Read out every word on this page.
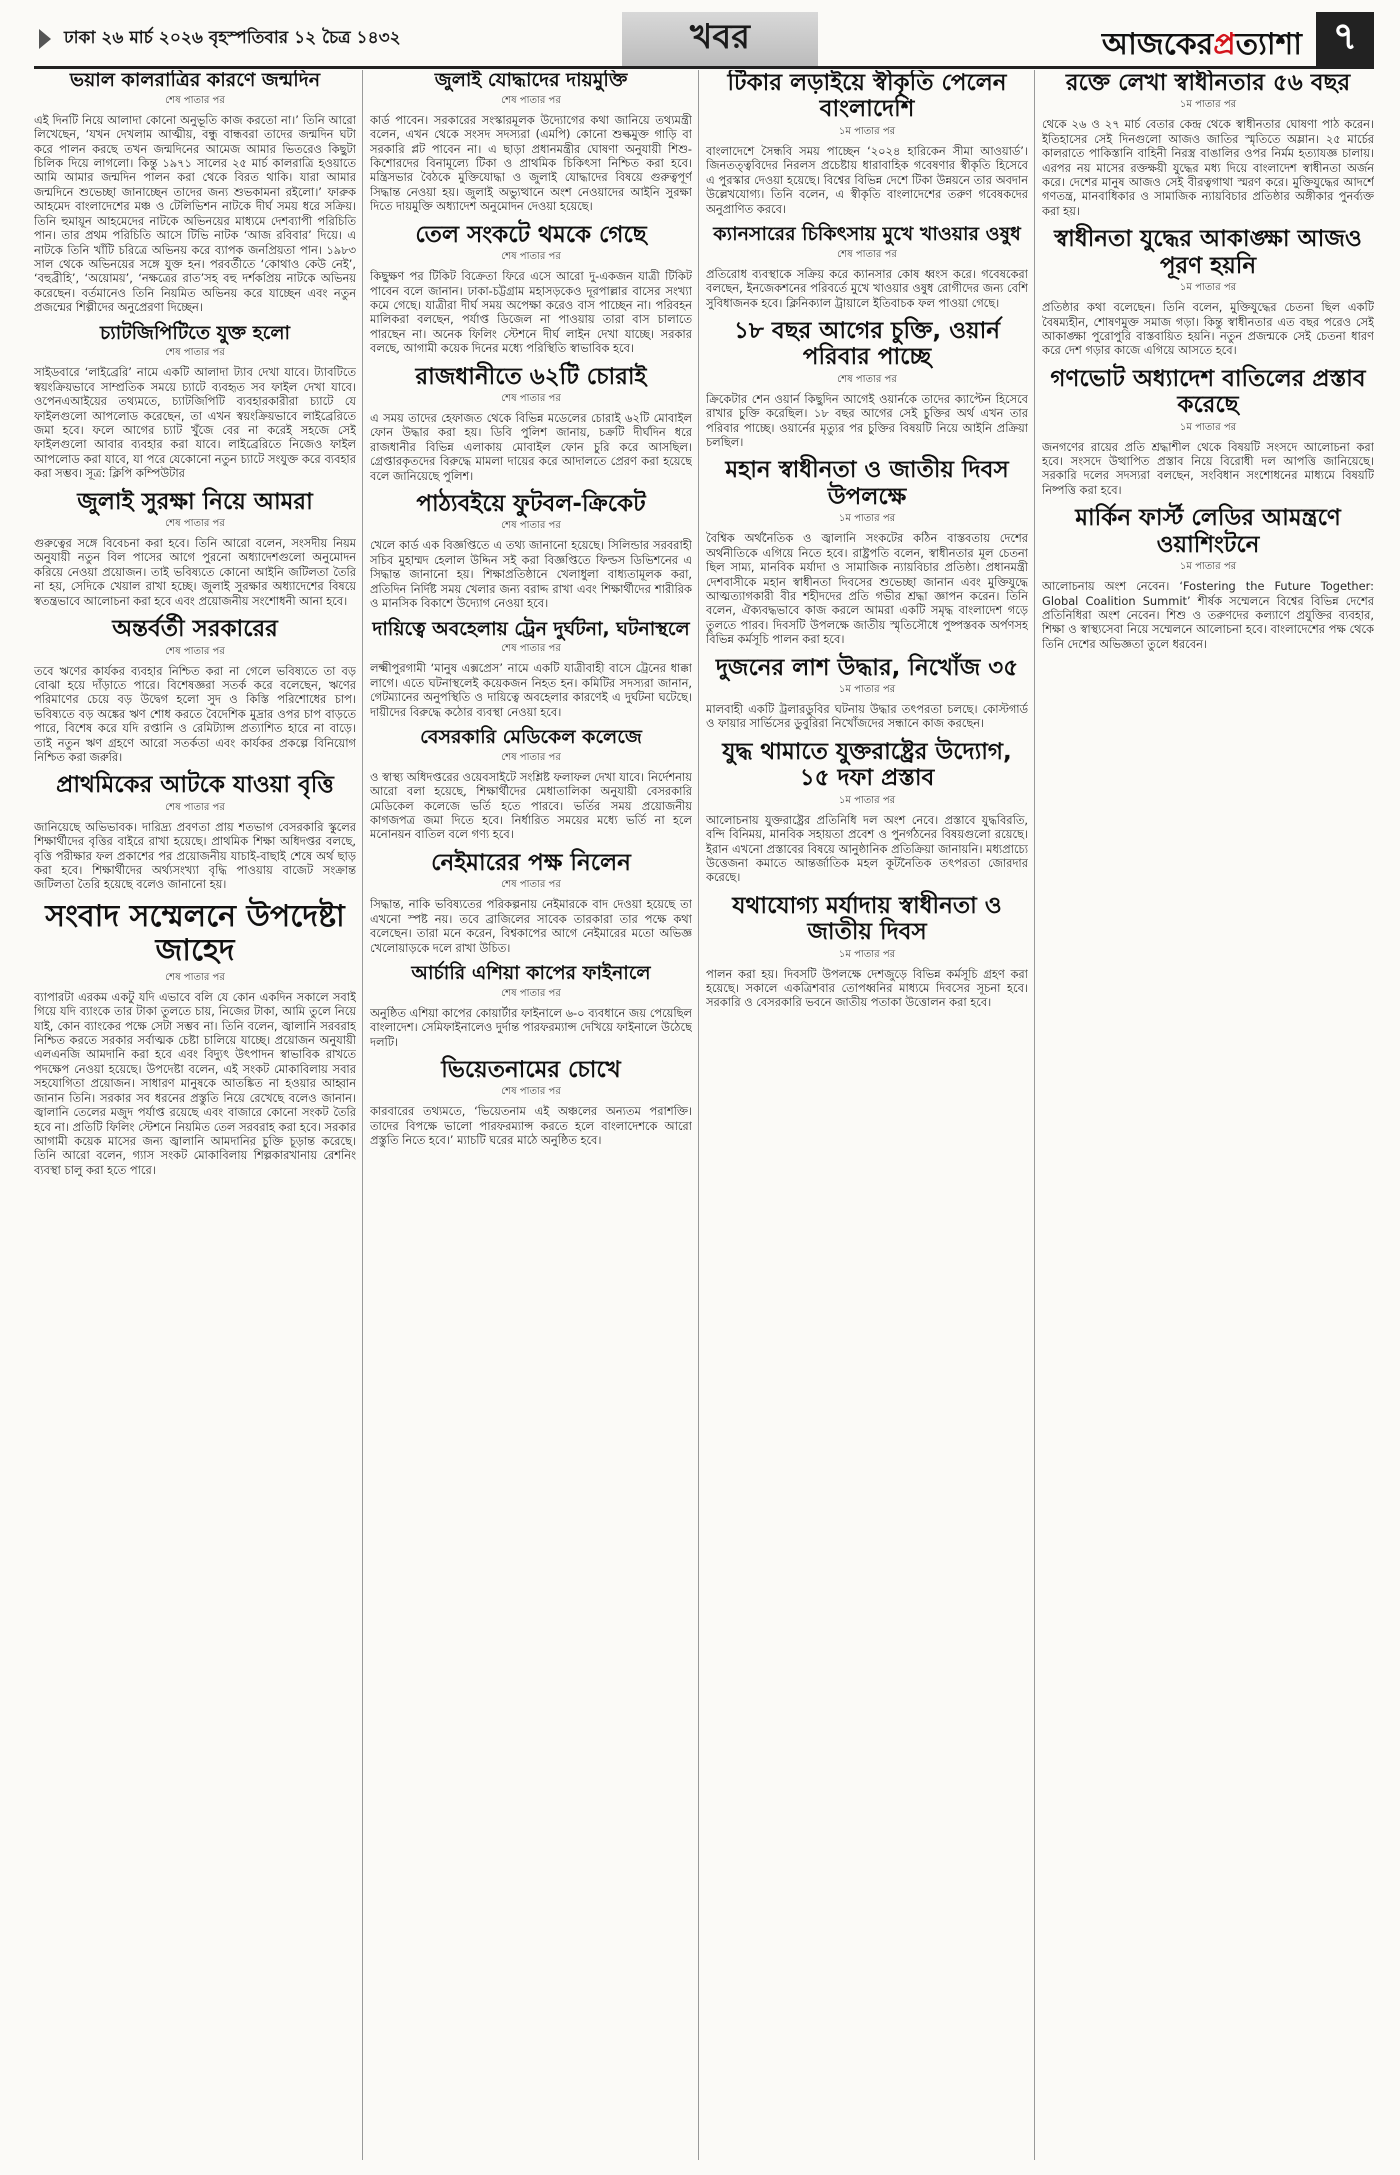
ঢাকা ২৬ মার্চ ২০২৬ বৃহস্পতিবার ১২ চৈত্র ১৪৩২	খবর	আজকেরপ্রত্যাশা ৭
ভয়াল কালরাত্রির কারণে জন্মদিন
শেষ পাতার পর
এই দিনটি নিয়ে আলাদা কোনো অনুভূতি কাজ করতো না।’ তিনি আরো লিখেছেন, ‘যখন দেখলাম আত্মীয়, বন্ধু বান্ধবরা তাদের জন্মদিন ঘটা করে পালন করছে তখন জন্মদিনের আমেজ আমার ভিতরেও কিছুটা চিলিক দিয়ে লাগলো। কিন্তু ১৯৭১ সালের ২৫ মার্চ কালরাত্রি হওয়াতে আমি আমার জন্মদিন পালন করা থেকে বিরত থাকি। যারা আমার জন্মদিনে শুভেচ্ছা জানাচ্ছেন তাদের জন্য শুভকামনা রইলো।’ ফারুক আহমেদ বাংলাদেশের মঞ্চ ও টেলিভিশন নাটকে দীর্ঘ সময় ধরে সক্রিয়। তিনি হুমায়ূন আহমেদের নাটকে অভিনয়ের মাধ্যমে দেশব্যাপী পরিচিতি পান। তার প্রথম পরিচিতি আসে টিভি নাটক ‘আজ রবিবার’ দিয়ে। এ নাটকে তিনি খাঁটি চরিত্রে অভিনয় করে ব্যাপক জনপ্রিয়তা পান। ১৯৮৩ সাল থেকে অভিনয়ের সঙ্গে যুক্ত হন। পরবর্তীতে ‘কোথাও কেউ নেই’, ‘বহুব্রীহি’, ‘অয়োময়’, ‘নক্ষত্রের রাত’সহ বহু দর্শকপ্রিয় নাটকে অভিনয় করেছেন। বর্তমানেও তিনি নিয়মিত অভিনয় করে যাচ্ছেন এবং নতুন প্রজন্মের শিল্পীদের অনুপ্রেরণা দিচ্ছেন।
চ্যাটজিপিটিতে যুক্ত হলো
শেষ পাতার পর
সাইডবারে ‘লাইব্রেরি’ নামে একটি আলাদা ট্যাব দেখা যাবে। ট্যাবটিতে স্বয়ংক্রিয়ভাবে সাম্প্রতিক সময়ে চ্যাটে ব্যবহৃত সব ফাইল দেখা যাবে। ওপেনএআইয়ের তথ্যমতে, চ্যাটজিপিটি ব্যবহারকারীরা চ্যাটে যে ফাইলগুলো আপলোড করেছেন, তা এখন স্বয়ংক্রিয়ভাবে লাইব্রেরিতে জমা হবে। ফলে আগের চ্যাট খুঁজে বের না করেই সহজে সেই ফাইলগুলো আবার ব্যবহার করা যাবে। লাইব্রেরিতে নিজেও ফাইল আপলোড করা যাবে, যা পরে যেকোনো নতুন চ্যাটে সংযুক্ত করে ব্যবহার করা সম্ভব। সূত্র: ক্লিপি কম্পিউটার
জুলাই সুরক্ষা নিয়ে আমরা
শেষ পাতার পর
গুরুত্বের সঙ্গে বিবেচনা করা হবে। তিনি আরো বলেন, সংসদীয় নিয়ম অনুযায়ী নতুন বিল পাসের আগে পুরনো অধ্যাদেশগুলো অনুমোদন করিয়ে নেওয়া প্রয়োজন। তাই ভবিষ্যতে কোনো আইনি জটিলতা তৈরি না হয়, সেদিকে খেয়াল রাখা হচ্ছে। জুলাই সুরক্ষার অধ্যাদেশের বিষয়ে স্বতন্ত্রভাবে আলোচনা করা হবে এবং প্রয়োজনীয় সংশোধনী আনা হবে।
অন্তর্বর্তী সরকারের
শেষ পাতার পর
তবে ঋণের কার্যকর ব্যবহার নিশ্চিত করা না গেলে ভবিষ্যতে তা বড় বোঝা হয়ে দাঁড়াতে পারে। বিশেষজ্ঞরা সতর্ক করে বলেছেন, ঋণের পরিমাণের চেয়ে বড় উদ্বেগ হলো সুদ ও কিস্তি পরিশোধের চাপ। ভবিষ্যতে বড় অঙ্কের ঋণ শোধ করতে বৈদেশিক মুদ্রার ওপর চাপ বাড়তে পারে, বিশেষ করে যদি রপ্তানি ও রেমিট্যান্স প্রত্যাশিত হারে না বাড়ে। তাই নতুন ঋণ গ্রহণে আরো সতর্কতা এবং কার্যকর প্রকল্পে বিনিয়োগ নিশ্চিত করা জরুরি।
প্রাথমিকের আটকে যাওয়া বৃত্তি
শেষ পাতার পর
জানিয়েছে অভিভাবক। দারিদ্র্য প্রবণতা প্রায় শতভাগ বেসরকারি স্কুলের শিক্ষার্থীদের বৃত্তির বাইরে রাখা হয়েছে। প্রাথমিক শিক্ষা অধিদপ্তর বলছে, বৃত্তি পরীক্ষার ফল প্রকাশের পর প্রয়োজনীয় যাচাই-বাছাই শেষে অর্থ ছাড় করা হবে। শিক্ষার্থীদের অর্থ্যসংখ্যা বৃদ্ধি পাওয়ায় বাজেট সংক্রান্ত জটিলতা তৈরি হয়েছে বলেও জানানো হয়।
সংবাদ সম্মেলনে উপদেষ্টা জাহেদ
শেষ পাতার পর
ব্যাপারটা এরকম একটু যদি এভাবে বলি যে কোন একদিন সকালে সবাই গিয়ে যদি ব্যাংকে তার টাকা তুলতে চায়, নিজের টাকা, আমি তুলে নিয়ে যাই, কোন ব্যাংকের পক্ষে সেটা সম্ভব না। তিনি বলেন, জ্বালানি সরবরাহ নিশ্চিত করতে সরকার সর্বাত্মক চেষ্টা চালিয়ে যাচ্ছে। প্রয়োজন অনুযায়ী এলএনজি আমদানি করা হবে এবং বিদ্যুৎ উৎপাদন স্বাভাবিক রাখতে পদক্ষেপ নেওয়া হয়েছে। উপদেষ্টা বলেন, এই সংকট মোকাবিলায় সবার সহযোগিতা প্রয়োজন। সাধারণ মানুষকে আতঙ্কিত না হওয়ার আহ্বান জানান তিনি। সরকার সব ধরনের প্রস্তুতি নিয়ে রেখেছে বলেও জানান। জ্বালানি তেলের মজুদ পর্যাপ্ত রয়েছে এবং বাজারে কোনো সংকট তৈরি হবে না। প্রতিটি ফিলিং স্টেশনে নিয়মিত তেল সরবরাহ করা হবে। সরকার আগামী কয়েক মাসের জন্য জ্বালানি আমদানির চুক্তি চূড়ান্ত করেছে। তিনি আরো বলেন, গ্যাস সংকট মোকাবিলায় শিল্পকারখানায় রেশনিং ব্যবস্থা চালু করা হতে পারে।
জুলাই যোদ্ধাদের দায়মুক্তি
শেষ পাতার পর
কার্ড পাবেন। সরকারের সংস্কারমূলক উদ্যোগের কথা জানিয়ে তথ্যমন্ত্রী বলেন, এখন থেকে সংসদ সদস্যরা (এমপি) কোনো শুল্কমুক্ত গাড়ি বা সরকারি প্লট পাবেন না। এ ছাড়া প্রধানমন্ত্রীর ঘোষণা অনুযায়ী শিশু-কিশোরদের বিনামূল্যে টিকা ও প্রাথমিক চিকিৎসা নিশ্চিত করা হবে। মন্ত্রিসভার বৈঠকে মুক্তিযোদ্ধা ও জুলাই যোদ্ধাদের বিষয়ে গুরুত্বপূর্ণ সিদ্ধান্ত নেওয়া হয়। জুলাই অভ্যুত্থানে অংশ নেওয়াদের আইনি সুরক্ষা দিতে দায়মুক্তি অধ্যাদেশ অনুমোদন দেওয়া হয়েছে।
তেল সংকটে থমকে গেছে
শেষ পাতার পর
কিছুক্ষণ পর টিকিট বিক্রেতা ফিরে এসে আরো দু-একজন যাত্রী টিকিট পাবেন বলে জানান। ঢাকা-চট্টগ্রাম মহাসড়কেও দূরপাল্লার বাসের সংখ্যা কমে গেছে। যাত্রীরা দীর্ঘ সময় অপেক্ষা করেও বাস পাচ্ছেন না। পরিবহন মালিকরা বলছেন, পর্যাপ্ত ডিজেল না পাওয়ায় তারা বাস চালাতে পারছেন না। অনেক ফিলিং স্টেশনে দীর্ঘ লাইন দেখা যাচ্ছে। সরকার বলছে, আগামী কয়েক দিনের মধ্যে পরিস্থিতি স্বাভাবিক হবে।
রাজধানীতে ৬২টি চোরাই
শেষ পাতার পর
এ সময় তাদের হেফাজত থেকে বিভিন্ন মডেলের চোরাই ৬২টি মোবাইল ফোন উদ্ধার করা হয়। ডিবি পুলিশ জানায়, চক্রটি দীর্ঘদিন ধরে রাজধানীর বিভিন্ন এলাকায় মোবাইল ফোন চুরি করে আসছিল। গ্রেপ্তারকৃতদের বিরুদ্ধে মামলা দায়ের করে আদালতে প্রেরণ করা হয়েছে বলে জানিয়েছে পুলিশ।
পাঠ্যবইয়ে ফুটবল-ক্রিকেট
শেষ পাতার পর
খেলে কার্ড এক বিজ্ঞপ্তিতে এ তথ্য জানানো হয়েছে। সিলিন্ডার সরবরাহী সচিব মুহাম্মদ হেলাল উদ্দিন সই করা বিজ্ঞপ্তিতে ফিল্ডস ডিভিশনের এ সিদ্ধান্ত জানানো হয়। শিক্ষাপ্রতিষ্ঠানে খেলাধুলা বাধ্যতামূলক করা, প্রতিদিন নির্দিষ্ট সময় খেলার জন্য বরাদ্দ রাখা এবং শিক্ষার্থীদের শারীরিক ও মানসিক বিকাশে উদ্যোগ নেওয়া হবে।
দায়িত্বে অবহেলায় ট্রেন দুর্ঘটনা, ঘটনাস্থলে
শেষ পাতার পর
লক্ষ্মীপুরগামী ‘মানুষ এক্সপ্রেস’ নামে একটি যাত্রীবাহী বাসে ট্রেনের ধাক্কা লাগে। এতে ঘটনাস্থলেই কয়েকজন নিহত হন। কমিটির সদস্যরা জানান, গেটম্যানের অনুপস্থিতি ও দায়িত্বে অবহেলার কারণেই এ দুর্ঘটনা ঘটেছে। দায়ীদের বিরুদ্ধে কঠোর ব্যবস্থা নেওয়া হবে।
বেসরকারি মেডিকেল কলেজে
শেষ পাতার পর
ও স্বাস্থ্য অধিদপ্তরের ওয়েবসাইটে সংশ্লিষ্ট ফলাফল দেখা যাবে। নির্দেশনায় আরো বলা হয়েছে, শিক্ষার্থীদের মেধাতালিকা অনুযায়ী বেসরকারি মেডিকেল কলেজে ভর্তি হতে পারবে। ভর্তির সময় প্রয়োজনীয় কাগজপত্র জমা দিতে হবে। নির্ধারিত সময়ের মধ্যে ভর্তি না হলে মনোনয়ন বাতিল বলে গণ্য হবে।
নেইমারের পক্ষ নিলেন
শেষ পাতার পর
সিদ্ধান্ত, নাকি ভবিষ্যতের পরিকল্পনায় নেইমারকে বাদ দেওয়া হয়েছে তা এখনো স্পষ্ট নয়। তবে ব্রাজিলের সাবেক তারকারা তার পক্ষে কথা বলেছেন। তারা মনে করেন, বিশ্বকাপের আগে নেইমারের মতো অভিজ্ঞ খেলোয়াড়কে দলে রাখা উচিত।
আর্চারি এশিয়া কাপের ফাইনালে
শেষ পাতার পর
অনুষ্ঠিত এশিয়া কাপের কোয়ার্টার ফাইনালে ৬-০ ব্যবধানে জয় পেয়েছিল বাংলাদেশ। সেমিফাইনালেও দুর্দান্ত পারফরম্যান্স দেখিয়ে ফাইনালে উঠেছে দলটি।
ভিয়েতনামের চোখে
শেষ পাতার পর
কারবারের তথ্যমতে, ‘ভিয়েতনাম এই অঞ্চলের অন্যতম পরাশক্তি। তাদের বিপক্ষে ভালো পারফরম্যান্স করতে হলে বাংলাদেশকে আরো প্রস্তুতি নিতে হবে।’ ম্যাচটি ঘরের মাঠে অনুষ্ঠিত হবে।
টিকার লড়াইয়ে স্বীকৃতি পেলেন বাংলাদেশি
১ম পাতার পর
বাংলাদেশে সৈন্ধবি সময় পাচ্ছেন ‘২০২৪ হারিকেন সীমা আওয়ার্ড’। জিনতত্ত্ববিদের নিরলস প্রচেষ্টায় ধারাবাহিক গবেষণার স্বীকৃতি হিসেবে এ পুরস্কার দেওয়া হয়েছে। বিশ্বের বিভিন্ন দেশে টিকা উন্নয়নে তার অবদান উল্লেখযোগ্য। তিনি বলেন, এ স্বীকৃতি বাংলাদেশের তরুণ গবেষকদের অনুপ্রাণিত করবে।
ক্যানসারের চিকিৎসায় মুখে খাওয়ার ওষুধ
শেষ পাতার পর
প্রতিরোধ ব্যবস্থাকে সক্রিয় করে ক্যানসার কোষ ধ্বংস করে। গবেষকেরা বলছেন, ইনজেকশনের পরিবর্তে মুখে খাওয়ার ওষুধ রোগীদের জন্য বেশি সুবিধাজনক হবে। ক্লিনিক্যাল ট্রায়ালে ইতিবাচক ফল পাওয়া গেছে।
১৮ বছর আগের চুক্তি, ওয়ার্ন পরিবার পাচ্ছে
শেষ পাতার পর
ক্রিকেটার শেন ওয়ার্ন কিছুদিন আগেই ওয়ার্নকে তাদের ক্যাপ্টেন হিসেবে রাখার চুক্তি করেছিল। ১৮ বছর আগের সেই চুক্তির অর্থ এখন তার পরিবার পাচ্ছে। ওয়ার্নের মৃত্যুর পর চুক্তির বিষয়টি নিয়ে আইনি প্রক্রিয়া চলছিল।
মহান স্বাধীনতা ও জাতীয় দিবস উপলক্ষে
১ম পাতার পর
বৈশ্বিক অর্থনৈতিক ও জ্বালানি সংকটের কঠিন বাস্তবতায় দেশের অর্থনীতিকে এগিয়ে নিতে হবে। রাষ্ট্রপতি বলেন, স্বাধীনতার মূল চেতনা ছিল সাম্য, মানবিক মর্যাদা ও সামাজিক ন্যায়বিচার প্রতিষ্ঠা। প্রধানমন্ত্রী দেশবাসীকে মহান স্বাধীনতা দিবসের শুভেচ্ছা জানান এবং মুক্তিযুদ্ধে আত্মত্যাগকারী বীর শহীদদের প্রতি গভীর শ্রদ্ধা জ্ঞাপন করেন। তিনি বলেন, ঐক্যবদ্ধভাবে কাজ করলে আমরা একটি সমৃদ্ধ বাংলাদেশ গড়ে তুলতে পারব। দিবসটি উপলক্ষে জাতীয় স্মৃতিসৌধে পুষ্পস্তবক অর্পণসহ বিভিন্ন কর্মসূচি পালন করা হবে।
দুজনের লাশ উদ্ধার, নিখোঁজ ৩৫
১ম পাতার পর
মালবাহী একটি ট্রলারডুবির ঘটনায় উদ্ধার তৎপরতা চলছে। কোস্টগার্ড ও ফায়ার সার্ভিসের ডুবুরিরা নিখোঁজদের সন্ধানে কাজ করছেন।
যুদ্ধ থামাতে যুক্তরাষ্ট্রের উদ্যোগ, ১৫ দফা প্রস্তাব
১ম পাতার পর
আলোচনায় যুক্তরাষ্ট্রের প্রতিনিধি দল অংশ নেবে। প্রস্তাবে যুদ্ধবিরতি, বন্দি বিনিময়, মানবিক সহায়তা প্রবেশ ও পুনর্গঠনের বিষয়গুলো রয়েছে। ইরান এখনো প্রস্তাবের বিষয়ে আনুষ্ঠানিক প্রতিক্রিয়া জানায়নি। মধ্যপ্রাচ্যে উত্তেজনা কমাতে আন্তর্জাতিক মহল কূটনৈতিক তৎপরতা জোরদার করেছে।
যথাযোগ্য মর্যাদায় স্বাধীনতা ও জাতীয় দিবস
১ম পাতার পর
পালন করা হয়। দিবসটি উপলক্ষে দেশজুড়ে বিভিন্ন কর্মসূচি গ্রহণ করা হয়েছে। সকালে একত্রিশবার তোপধ্বনির মাধ্যমে দিবসের সূচনা হবে। সরকারি ও বেসরকারি ভবনে জাতীয় পতাকা উত্তোলন করা হবে।
রক্তে লেখা স্বাধীনতার ৫৬ বছর
১ম পাতার পর
থেকে ২৬ ও ২৭ মার্চ বেতার কেন্দ্র থেকে স্বাধীনতার ঘোষণা পাঠ করেন। ইতিহাসের সেই দিনগুলো আজও জাতির স্মৃতিতে অম্লান। ২৫ মার্চের কালরাতে পাকিস্তানি বাহিনী নিরস্ত্র বাঙালির ওপর নির্মম হত্যাযজ্ঞ চালায়। এরপর নয় মাসের রক্তক্ষয়ী যুদ্ধের মধ্য দিয়ে বাংলাদেশ স্বাধীনতা অর্জন করে। দেশের মানুষ আজও সেই বীরত্বগাথা স্মরণ করে। মুক্তিযুদ্ধের আদর্শে গণতন্ত্র, মানবাধিকার ও সামাজিক ন্যায়বিচার প্রতিষ্ঠার অঙ্গীকার পুনর্ব্যক্ত করা হয়।
স্বাধীনতা যুদ্ধের আকাঙ্ক্ষা আজও পূরণ হয়নি
১ম পাতার পর
প্রতিষ্ঠার কথা বলেছেন। তিনি বলেন, মুক্তিযুদ্ধের চেতনা ছিল একটি বৈষম্যহীন, শোষণমুক্ত সমাজ গড়া। কিন্তু স্বাধীনতার এত বছর পরেও সেই আকাঙ্ক্ষা পুরোপুরি বাস্তবায়িত হয়নি। নতুন প্রজন্মকে সেই চেতনা ধারণ করে দেশ গড়ার কাজে এগিয়ে আসতে হবে।
গণভোট অধ্যাদেশ বাতিলের প্রস্তাব করেছে
১ম পাতার পর
জনগণের রায়ের প্রতি শ্রদ্ধাশীল থেকে বিষয়টি সংসদে আলোচনা করা হবে। সংসদে উত্থাপিত প্রস্তাব নিয়ে বিরোধী দল আপত্তি জানিয়েছে। সরকারি দলের সদস্যরা বলছেন, সংবিধান সংশোধনের মাধ্যমে বিষয়টি নিষ্পত্তি করা হবে।
মার্কিন ফার্স্ট লেডির আমন্ত্রণে ওয়াশিংটনে
১ম পাতার পর
আলোচনায় অংশ নেবেন। ‘Fostering the Future Together: Global Coalition Summit’ শীর্ষক সম্মেলনে বিশ্বের বিভিন্ন দেশের প্রতিনিধিরা অংশ নেবেন। শিশু ও তরুণদের কল্যাণে প্রযুক্তির ব্যবহার, শিক্ষা ও স্বাস্থ্যসেবা নিয়ে সম্মেলনে আলোচনা হবে। বাংলাদেশের পক্ষ থেকে তিনি দেশের অভিজ্ঞতা তুলে ধরবেন।
